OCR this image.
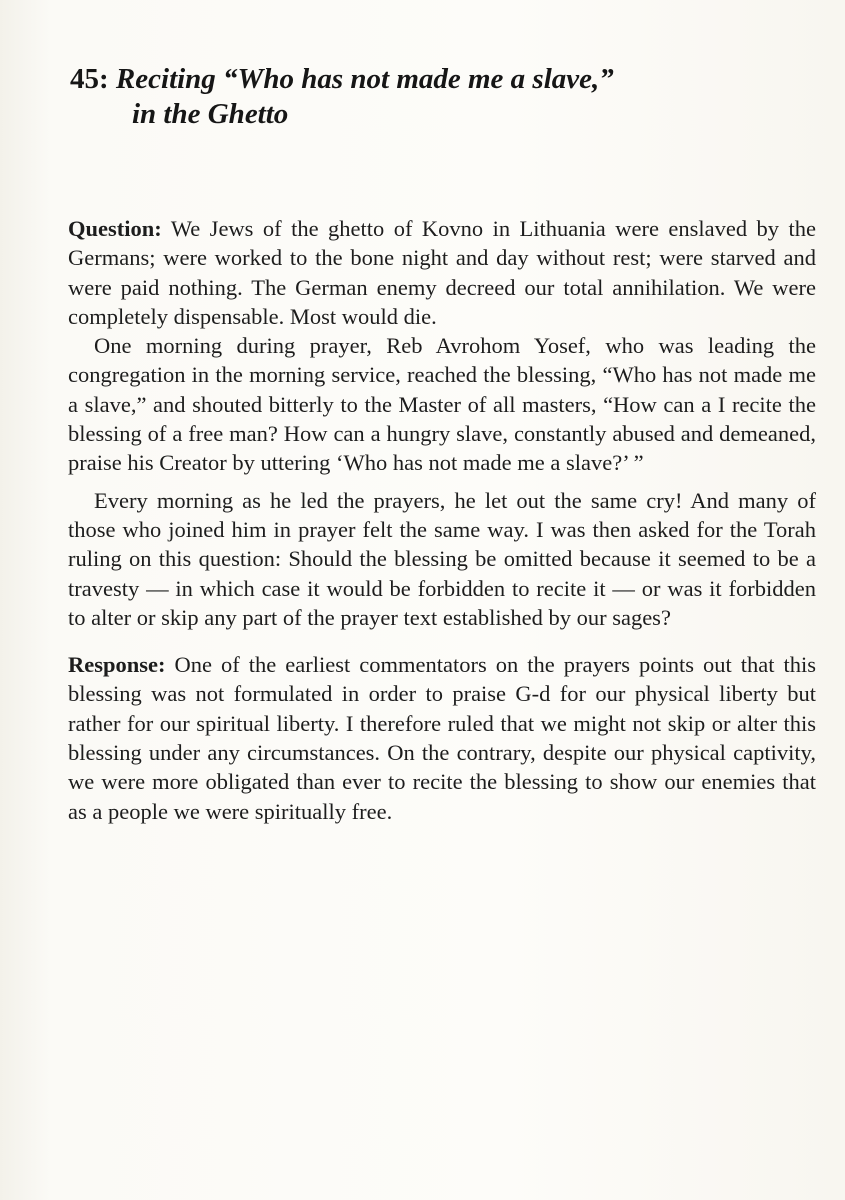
45: Reciting “Who has not made me a slave,”
in the Ghetto

Question: We Jews of the ghetto of Kovno in Lithuania were enslaved by the Germans; were worked to the bone night and day without rest; were starved and were paid nothing. The German enemy decreed our total annihilation. We were completely dispensable. Most would die.

One morning during prayer, Reb Avrohom Yosef, who was leading the congregation in the morning service, reached the blessing, “Who has not made me a slave,” and shouted bitterly to the Master of all masters, “How can a I recite the blessing of a free man? How can a hungry slave, constantly abused and demeaned, praise his Creator by uttering ‘Who has not made me a slave?’ ”

Every morning as he led the prayers, he let out the same cry! And many of those who joined him in prayer felt the same way. I was then asked for the Torah ruling on this question: Should the blessing be omitted because it seemed to be a travesty — in which case it would be forbidden to recite it — or was it forbidden to alter or skip any part of the prayer text established by our sages?

Response: One of the earliest commentators on the prayers points out that this blessing was not formulated in order to praise G-d for our physical liberty but rather for our spiritual liberty. I therefore ruled that we might not skip or alter this blessing under any circumstances. On the contrary, despite our physical captivity, we were more obligated than ever to recite the blessing to show our enemies that as a people we were spiritually free.
